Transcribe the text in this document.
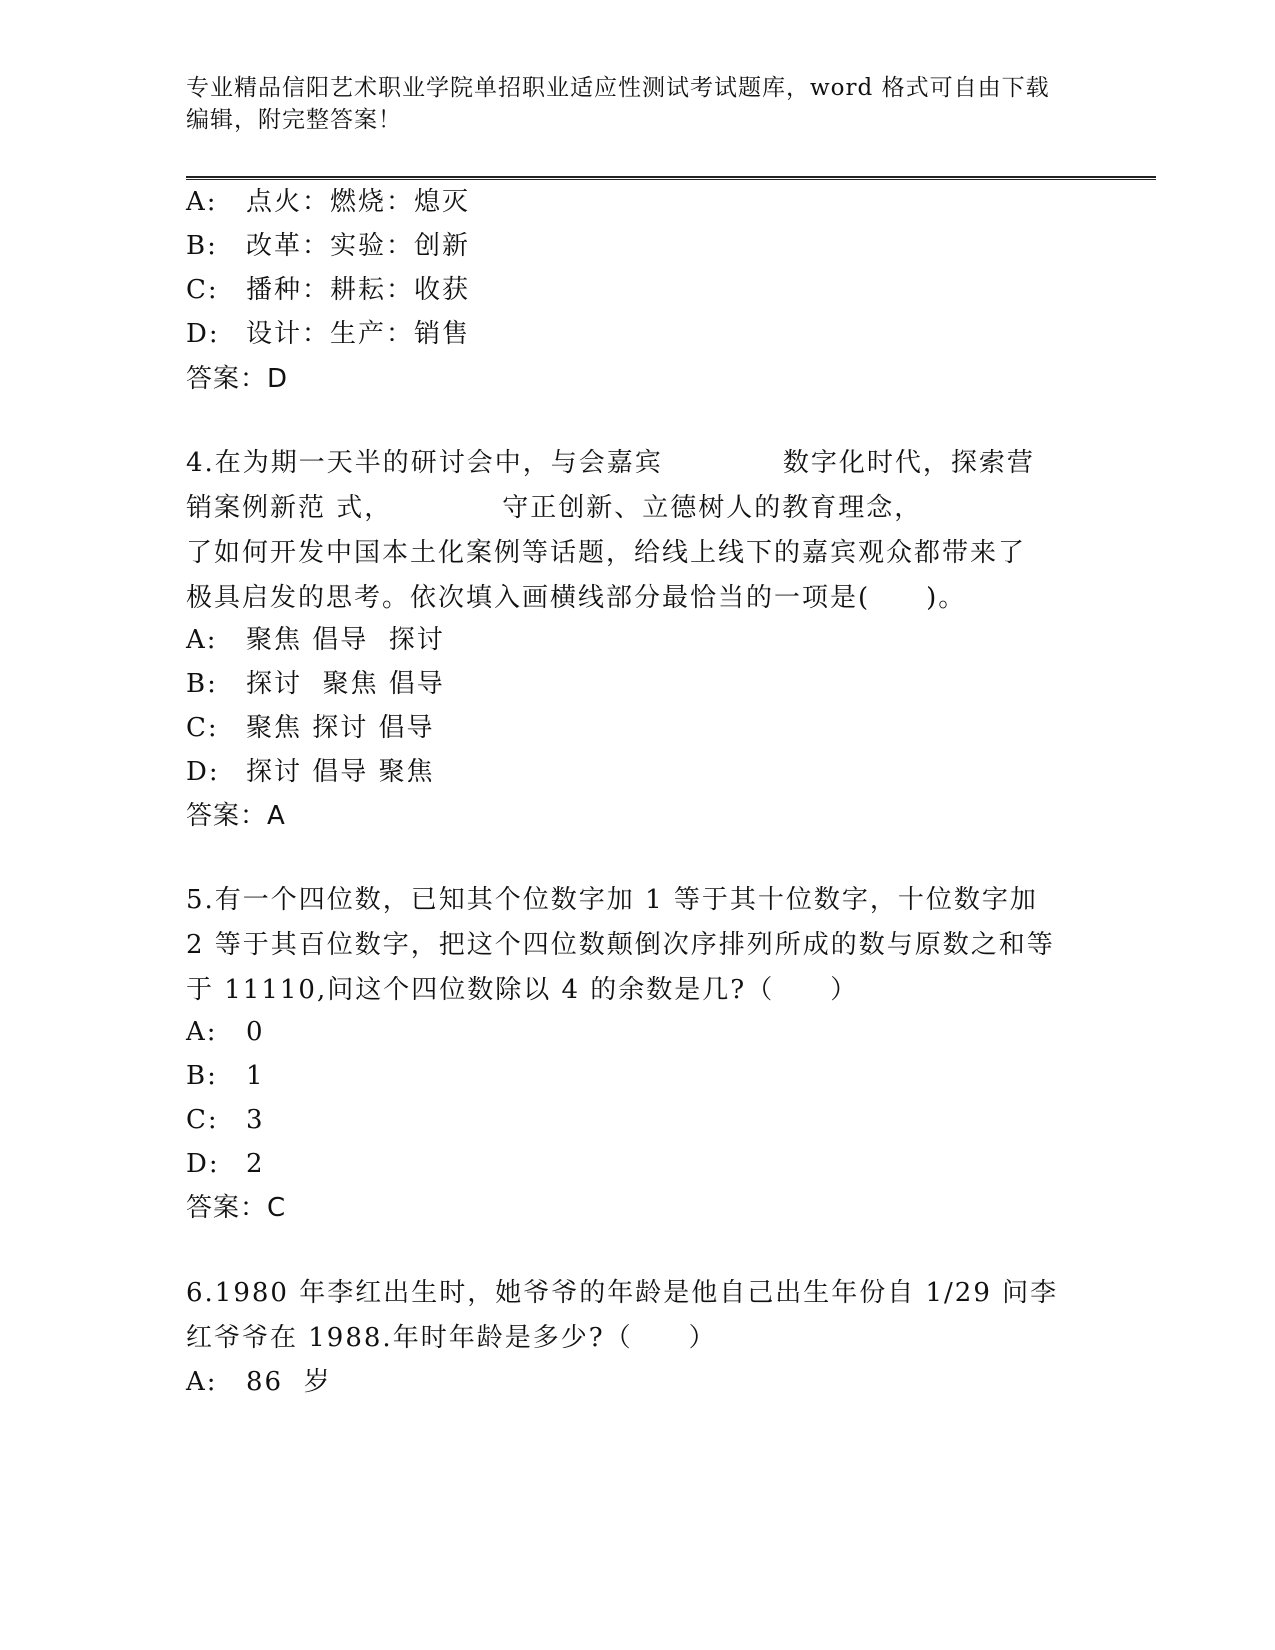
专业精品信阳艺术职业学院单招职业适应性测试考试题库，word 格式可自由下载
编辑，附完整答案！
A: 点火：燃烧：熄灭
B: 改革：实验：创新
C: 播种：耕耘：收获
D: 设计：生产：销售
答案：D
4.在为期一天半的研讨会中，与会嘉宾	数字化时代，探索营
销案例新范 式，	守正创新、立德树人的教育理念，
了如何开发中国本土化案例等话题，给线上线下的嘉宾观众都带来了
极具启发的思考。依次填入画横线部分最恰当的一项是(　　)。
A: 聚焦 倡导  探讨
B: 探讨  聚焦 倡导
C: 聚焦 探讨 倡导
D: 探讨 倡导 聚焦
答案：A
5.有一个四位数，已知其个位数字加 1 等于其十位数字，十位数字加
2 等于其百位数字，把这个四位数颠倒次序排列所成的数与原数之和等
于 11110,问这个四位数除以 4 的余数是几?（　　）
A: 0
B: 1
C: 3
D: 2
答案：C
6.1980 年李红出生时，她爷爷的年龄是他自己出生年份自 1/29 问李
红爷爷在 1988.年时年龄是多少?（　　）
A: 86  岁
